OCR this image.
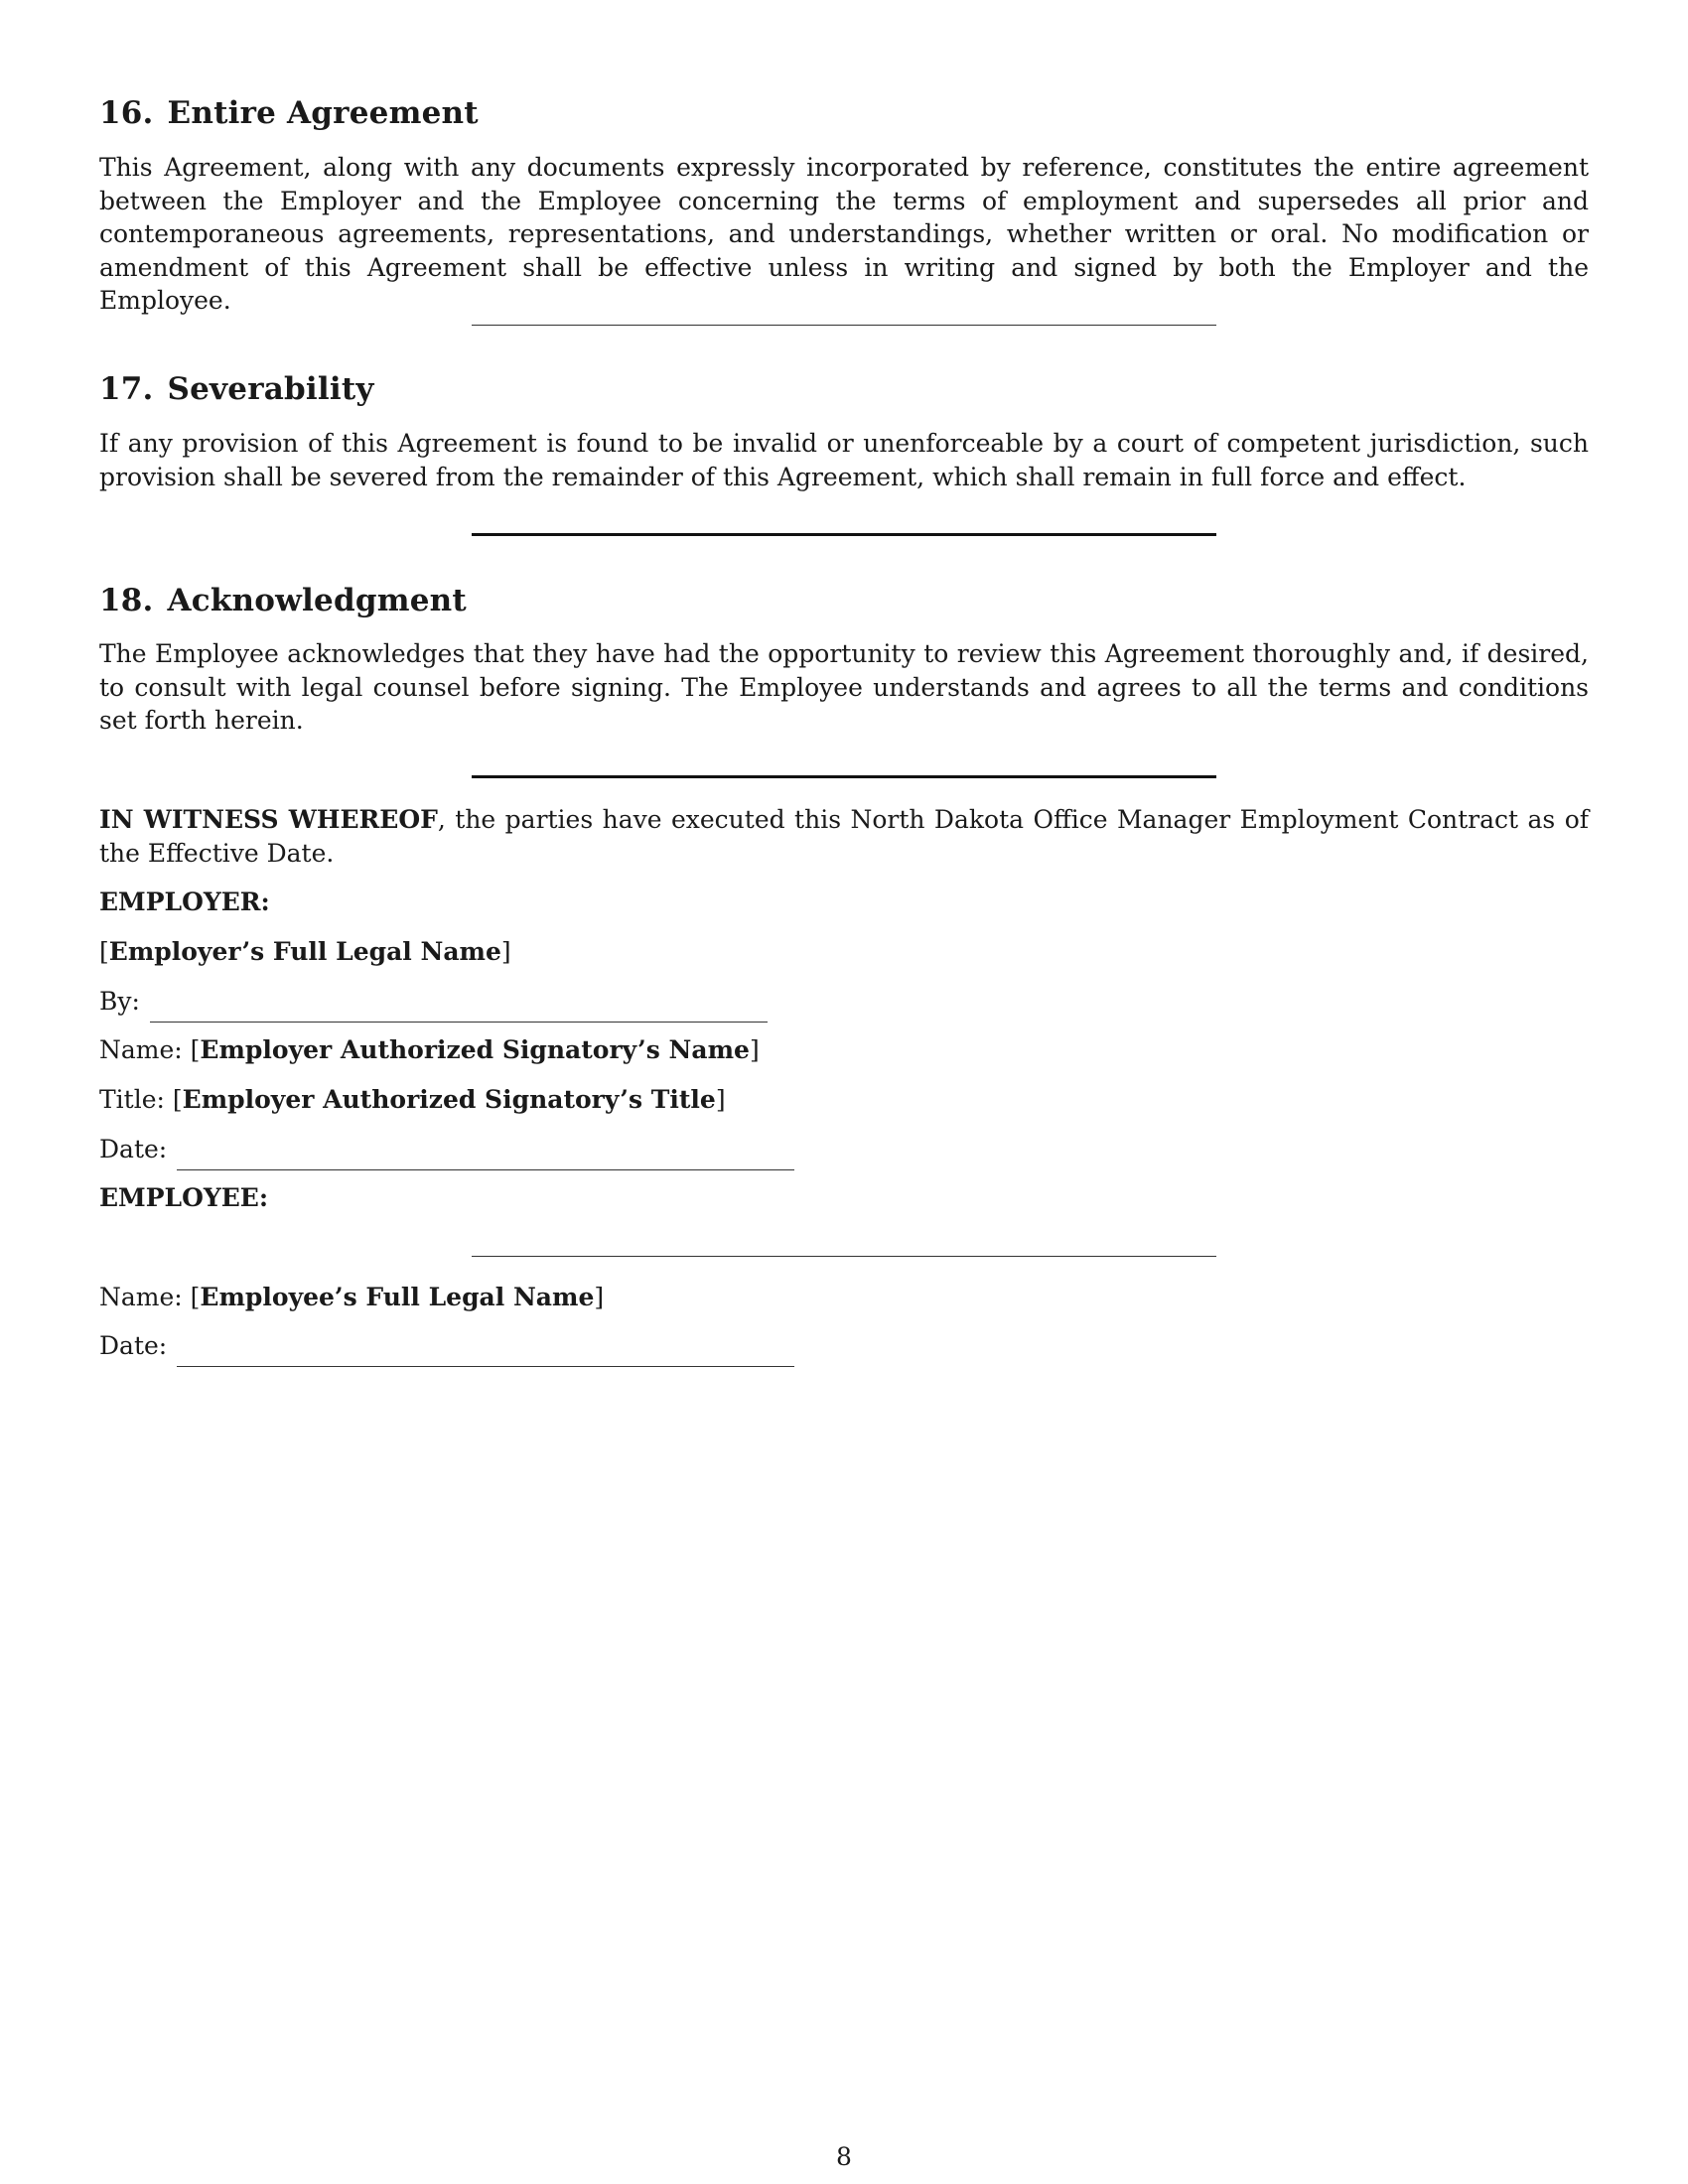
16. Entire Agreement

This Agreement, along with any documents expressly incorporated by reference, constitutes the entire agreement between the Employer and the Employee concerning the terms of employment and supersedes all prior and contemporaneous agreements, representations, and understandings, whether written or oral. No modification or amendment of this Agreement shall be effective unless in writing and signed by both the Employer and the Employee.

17. Severability

If any provision of this Agreement is found to be invalid or unenforceable by a court of competent jurisdiction, such provision shall be severed from the remainder of this Agreement, which shall remain in full force and effect.

18. Acknowledgment

The Employee acknowledges that they have had the opportunity to review this Agreement thoroughly and, if desired, to consult with legal counsel before signing. The Employee understands and agrees to all the terms and conditions set forth herein.

IN WITNESS WHEREOF, the parties have executed this North Dakota Office Manager Employment Contract as of the Effective Date.

EMPLOYER:
[Employer’s Full Legal Name]
By:
Name: [Employer Authorized Signatory’s Name]
Title: [Employer Authorized Signatory’s Title]
Date:
EMPLOYEE:
Name: [Employee’s Full Legal Name]
Date:
8
